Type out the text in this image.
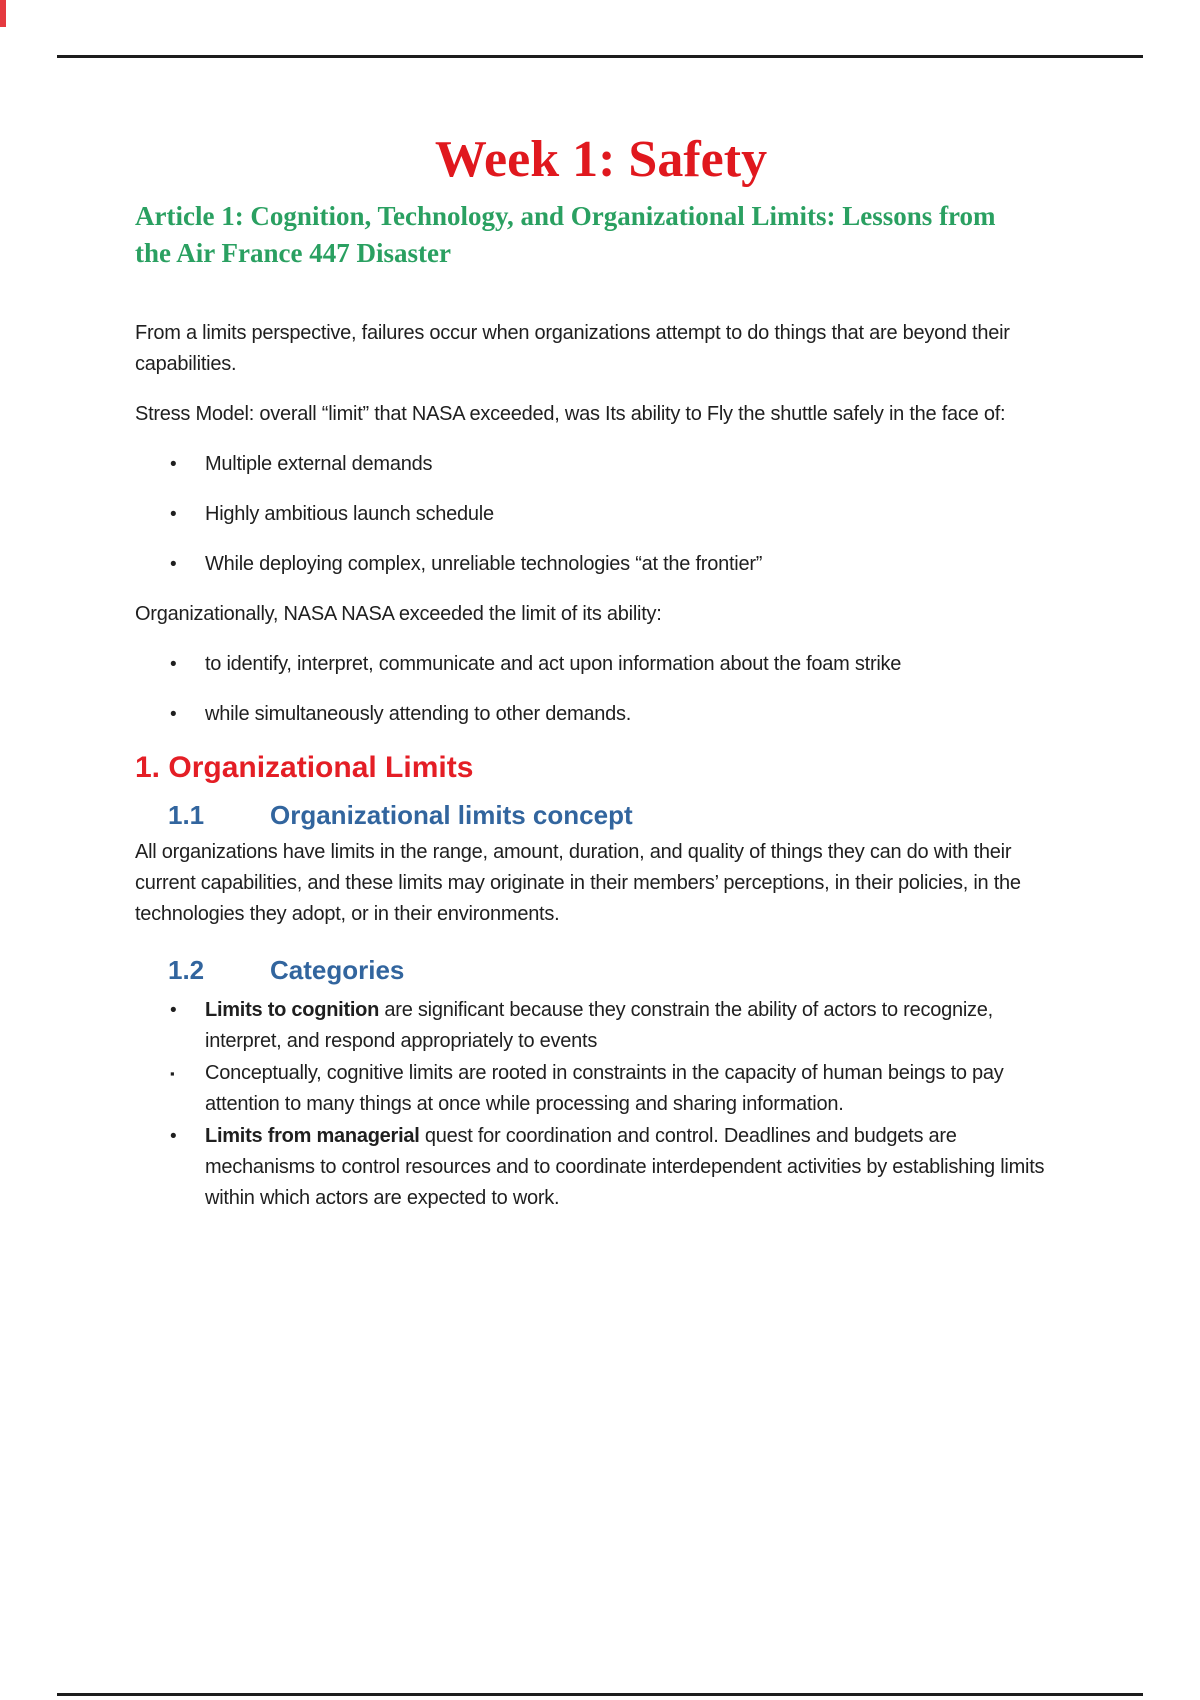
Week 1: Safety
Article 1: Cognition, Technology, and Organizational Limits: Lessons from the Air France 447 Disaster

From a limits perspective, failures occur when organizations attempt to do things that are beyond their capabilities.

Stress Model: overall “limit” that NASA exceeded, was Its ability to Fly the shuttle safely in the face of:

•	Multiple external demands
•	Highly ambitious launch schedule
•	While deploying complex, unreliable technologies “at the frontier”

Organizationally, NASA NASA exceeded the limit of its ability:

•	to identify, interpret, communicate and act upon information about the foam strike
•	while simultaneously attending to other demands.
1. Organizational Limits
1.1	Organizational limits concept

All organizations have limits in the range, amount, duration, and quality of things they can do with their current capabilities, and these limits may originate in their members’ perceptions, in their policies, in the technologies they adopt, or in their environments.

1.2	Categories
•	Limits to cognition are significant because they constrain the ability of actors to recognize, interpret, and respond appropriately to events
▪	Conceptually, cognitive limits are rooted in constraints in the capacity of human beings to pay attention to many things at once while processing and sharing information.
•	Limits from managerial quest for coordination and control. Deadlines and budgets are mechanisms to control resources and to coordinate interdependent activities by establishing limits within which actors are expected to work.
